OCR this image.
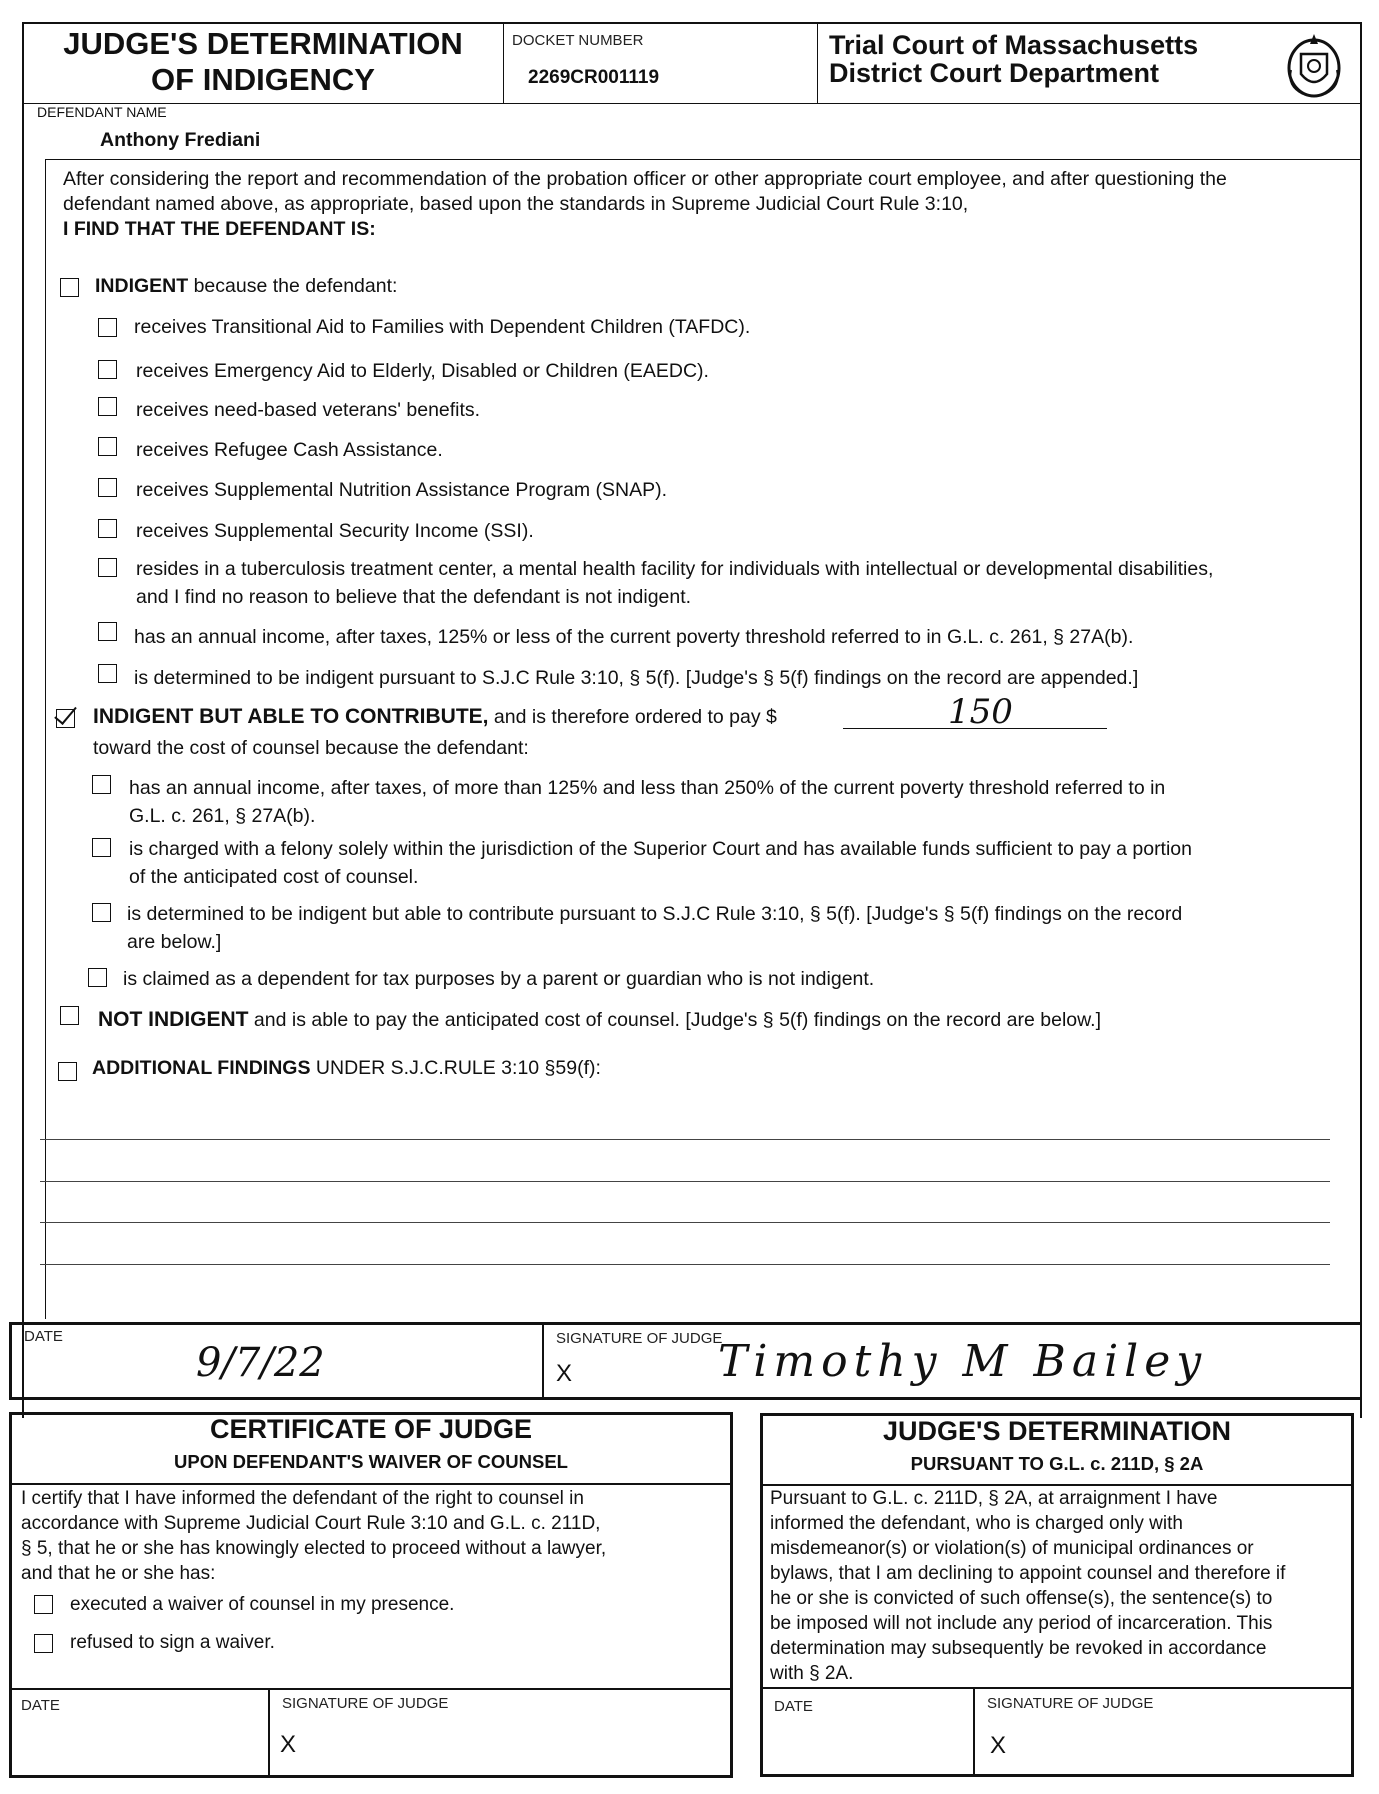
JUDGE'S DETERMINATION
OF INDIGENCY
DOCKET NUMBER
2269CR001119
Trial Court of Massachusetts
District Court Department
DEFENDANT NAME
Anthony Frediani
After considering the report and recommendation of the probation officer or other appropriate court employee, and after questioning the
defendant named above, as appropriate, based upon the standards in Supreme Judicial Court Rule 3:10,
I FIND THAT THE DEFENDANT IS:
INDIGENT because the defendant:
receives Transitional Aid to Families with Dependent Children (TAFDC).
receives Emergency Aid to Elderly, Disabled or Children (EAEDC).
receives need-based veterans' benefits.
receives Refugee Cash Assistance.
receives Supplemental Nutrition Assistance Program (SNAP).
receives Supplemental Security Income (SSI).
resides in a tuberculosis treatment center, a mental health facility for individuals with intellectual or developmental disabilities,
and I find no reason to believe that the defendant is not indigent.
has an annual income, after taxes, 125% or less of the current poverty threshold referred to in G.L. c. 261, § 27A(b).
is determined to be indigent pursuant to S.J.C Rule 3:10, § 5(f). [Judge's § 5(f) findings on the record are appended.]
INDIGENT BUT ABLE TO CONTRIBUTE, and is therefore ordered to pay $	150
toward the cost of counsel because the defendant:
has an annual income, after taxes, of more than 125% and less than 250% of the current poverty threshold referred to in
G.L. c. 261, § 27A(b).
is charged with a felony solely within the jurisdiction of the Superior Court and has available funds sufficient to pay a portion
of the anticipated cost of counsel.
is determined to be indigent but able to contribute pursuant to S.J.C Rule 3:10, § 5(f). [Judge's § 5(f) findings on the record
are below.]
is claimed as a dependent for tax purposes by a parent or guardian who is not indigent.
NOT INDIGENT and is able to pay the anticipated cost of counsel. [Judge's § 5(f) findings on the record are below.]
ADDITIONAL FINDINGS UNDER S.J.C.RULE 3:10 §59(f):
DATE
9/7/22
SIGNATURE OF JUDGE
X	Timothy M Bailey
CERTIFICATE OF JUDGE
UPON DEFENDANT'S WAIVER OF COUNSEL
I certify that I have informed the defendant of the right to counsel in
accordance with Supreme Judicial Court Rule 3:10 and G.L. c. 211D,
§ 5, that he or she has knowingly elected to proceed without a lawyer,
and that he or she has:
executed a waiver of counsel in my presence.
refused to sign a waiver.
DATE	SIGNATURE OF JUDGE
X
JUDGE'S DETERMINATION
PURSUANT TO G.L. c. 211D, § 2A
Pursuant to G.L. c. 211D, § 2A, at arraignment I have
informed the defendant, who is charged only with
misdemeanor(s) or violation(s) of municipal ordinances or
bylaws, that I am declining to appoint counsel and therefore if
he or she is convicted of such offense(s), the sentence(s) to
be imposed will not include any period of incarceration. This
determination may subsequently be revoked in accordance
with § 2A.
DATE	SIGNATURE OF JUDGE
X
